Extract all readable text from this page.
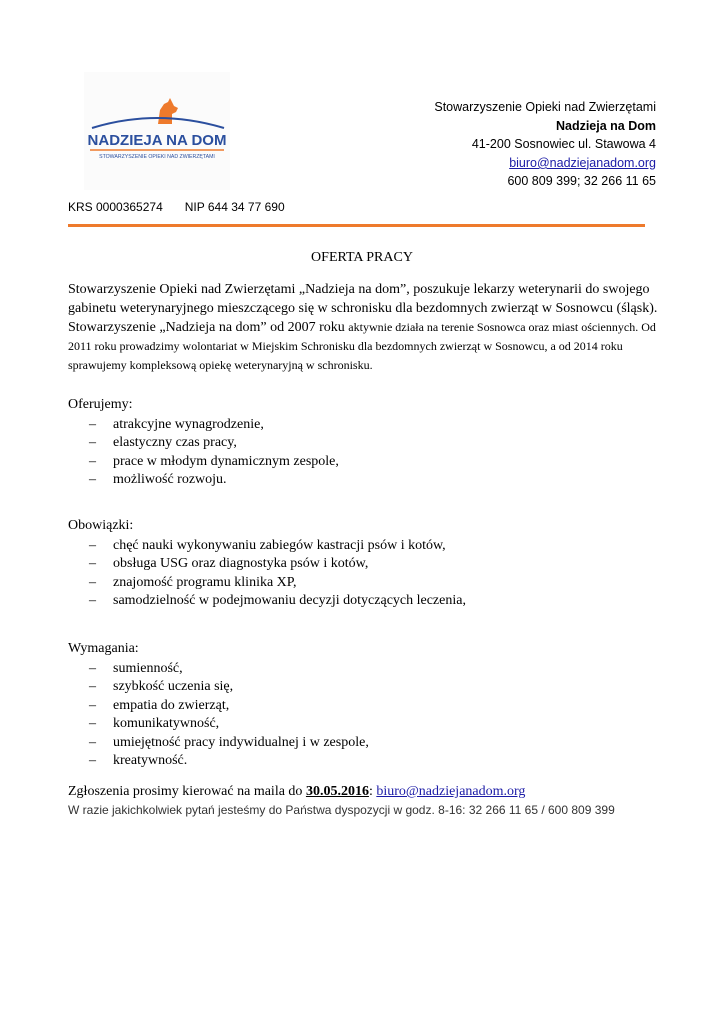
NADZIEJA NA DOM
STOWARZYSZENIE OPIEKI NAD ZWIERZĘTAMI
Stowarzyszenie Opieki nad Zwierzętami
Nadzieja na Dom
41-200 Sosnowiec ul. Stawowa 4
biuro@nadziejanadom.org
600 809 399; 32 266 11 65
KRS 0000365274 NIP 644 34 77 690
OFERTA PRACY
Stowarzyszenie Opieki nad Zwierzętami „Nadzieja na dom”, poszukuje lekarzy weterynarii do swojego gabinetu weterynaryjnego mieszczącego się w schronisku dla bezdomnych zwierząt w Sosnowcu (śląsk). Stowarzyszenie „Nadzieja na dom” od 2007 roku aktywnie działa na terenie Sosnowca oraz miast ościennych. Od 2011 roku prowadzimy wolontariat w Miejskim Schronisku dla bezdomnych zwierząt w Sosnowcu, a od 2014 roku sprawujemy kompleksową opiekę weterynaryjną w schronisku.
Oferujemy:
– atrakcyjne wynagrodzenie,
– elastyczny czas pracy,
– prace w młodym dynamicznym zespole,
– możliwość rozwoju.
Obowiązki:
– chęć nauki wykonywaniu zabiegów kastracji psów i kotów,
– obsługa USG oraz diagnostyka psów i kotów,
– znajomość programu klinika XP,
– samodzielność w podejmowaniu decyzji dotyczących leczenia,
Wymagania:
– sumienność,
– szybkość uczenia się,
– empatia do zwierząt,
– komunikatywność,
– umiejętność pracy indywidualnej i w zespole,
– kreatywność.
Zgłoszenia prosimy kierować na maila do 30.05.2016: biuro@nadziejanadom.org
W razie jakichkolwiek pytań jesteśmy do Państwa dyspozycji w godz. 8-16: 32 266 11 65 / 600 809 399
